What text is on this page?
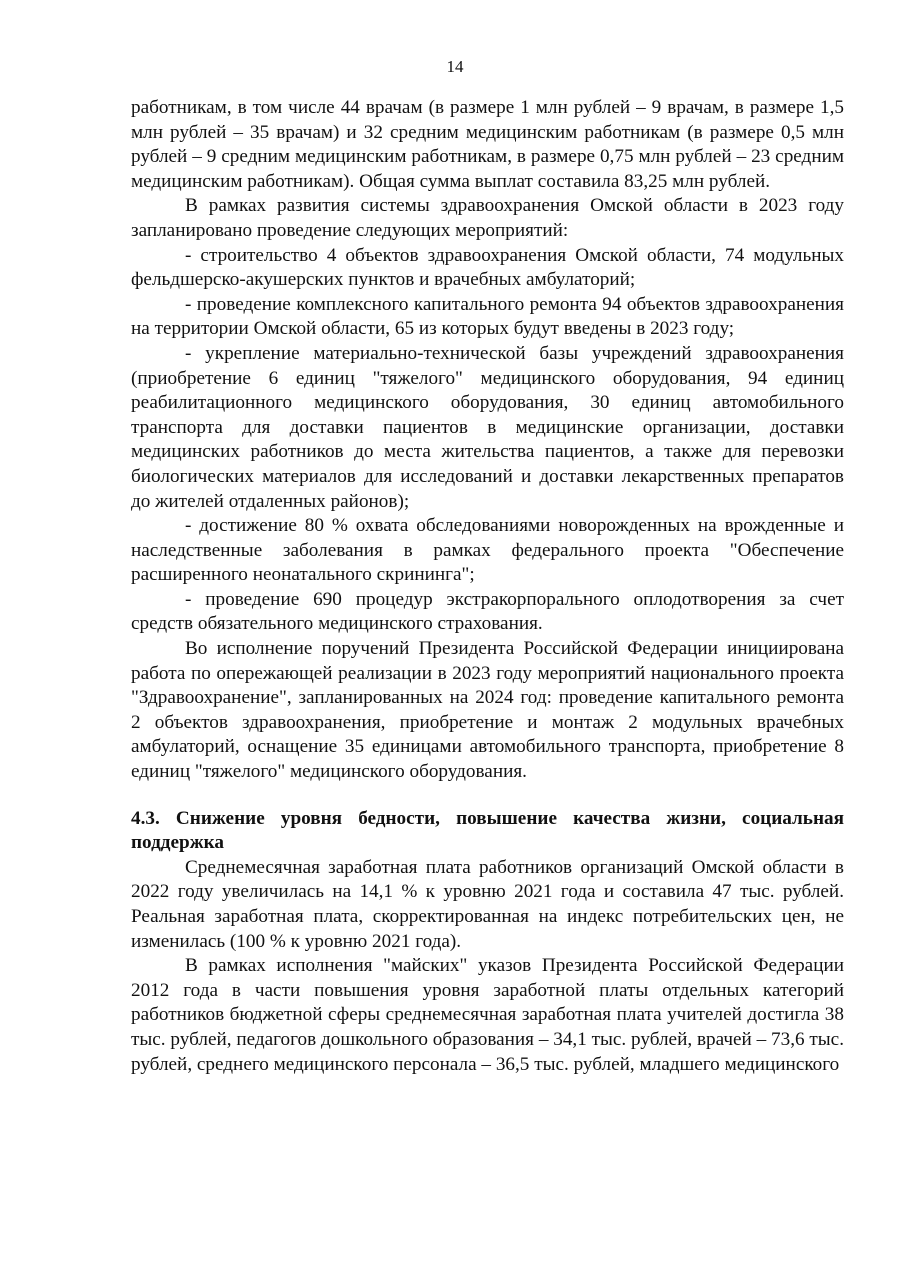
14

работникам, в том числе 44 врачам (в размере 1 млн рублей – 9 врачам, в размере 1,5 млн рублей – 35 врачам) и 32 средним медицинским работникам (в размере 0,5 млн рублей – 9 средним медицинским работникам, в размере 0,75 млн рублей – 23 средним медицинским работникам). Общая сумма выплат составила 83,25 млн рублей.

В рамках развития системы здравоохранения Омской области в 2023 году запланировано проведение следующих мероприятий:

- строительство 4 объектов здравоохранения Омской области, 74 модульных фельдшерско-акушерских пунктов и врачебных амбулаторий;

- проведение комплексного капитального ремонта 94 объектов здравоохранения на территории Омской области, 65 из которых будут введены в 2023 году;

- укрепление материально-технической базы учреждений здравоохранения (приобретение 6 единиц "тяжелого" медицинского оборудования, 94 единиц реабилитационного медицинского оборудования, 30 единиц автомобильного транспорта для доставки пациентов в медицинские организации, доставки медицинских работников до места жительства пациентов, а также для перевозки биологических материалов для исследований и доставки лекарственных препаратов до жителей отдаленных районов);

- достижение 80 % охвата обследованиями новорожденных на врожденные и наследственные заболевания в рамках федерального проекта "Обеспечение расширенного неонатального скрининга";

- проведение 690 процедур экстракорпорального оплодотворения за счет средств обязательного медицинского страхования.

Во исполнение поручений Президента Российской Федерации инициирована работа по опережающей реализации в 2023 году мероприятий национального проекта "Здравоохранение", запланированных на 2024 год: проведение капитального ремонта 2 объектов здравоохранения, приобретение и монтаж 2 модульных врачебных амбулаторий, оснащение 35 единицами автомобильного транспорта, приобретение 8 единиц "тяжелого" медицинского оборудования.

4.3. Снижение уровня бедности, повышение качества жизни, социальная поддержка

Среднемесячная заработная плата работников организаций Омской области в 2022 году увеличилась на 14,1 % к уровню 2021 года и составила 47 тыс. рублей. Реальная заработная плата, скорректированная на индекс потребительских цен, не изменилась (100 % к уровню 2021 года).

В рамках исполнения "майских" указов Президента Российской Федерации 2012 года в части повышения уровня заработной платы отдельных категорий работников бюджетной сферы среднемесячная заработная плата учителей достигла 38 тыс. рублей, педагогов дошкольного образования – 34,1 тыс. рублей, врачей – 73,6 тыс. рублей, среднего медицинского персонала – 36,5 тыс. рублей, младшего медицинского
